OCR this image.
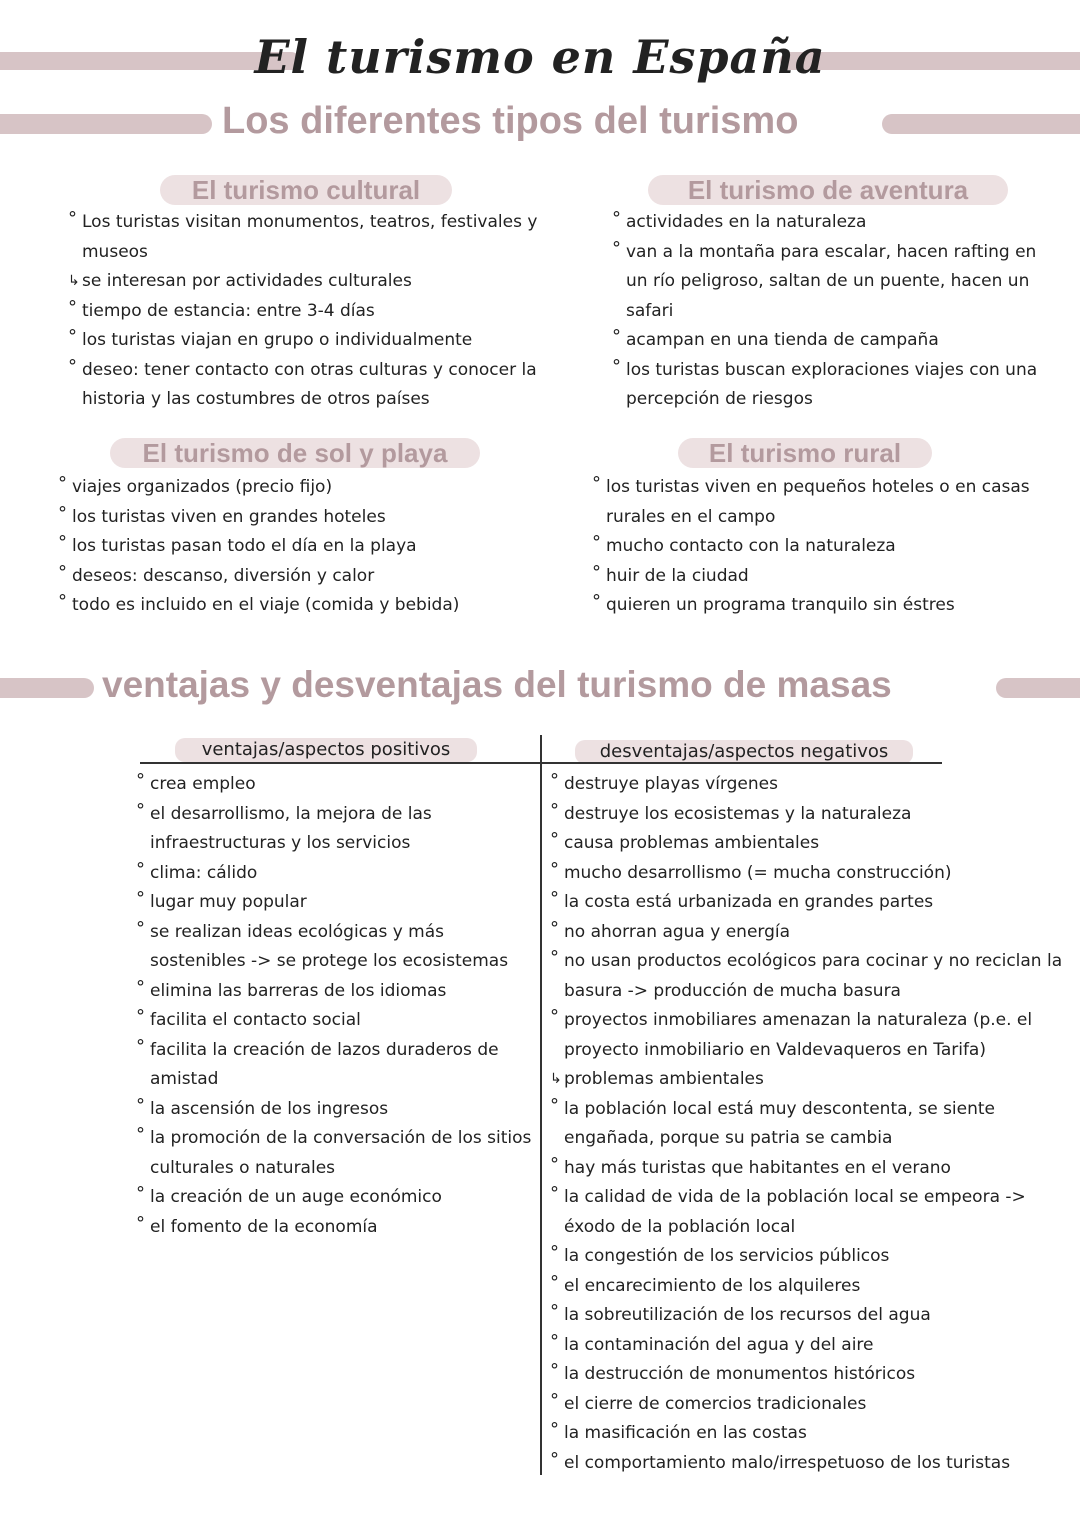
El turismo en España
Los diferentes tipos del turismo
El turismo cultural
° Los turistas visitan monumentos, teatros, festivales y museos
↳ se interesan por actividades culturales
° tiempo de estancia: entre 3-4 días
° los turistas viajan en grupo o individualmente
° deseo: tener contacto con otras culturas y conocer la historia y las costumbres de otros países
El turismo de aventura
° actividades en la naturaleza
° van a la montaña para escalar, hacen rafting en un río peligroso, saltan de un puente, hacen un safari
° acampan en una tienda de campaña
° los turistas buscan exploraciones viajes con una percepción de riesgos
El turismo de sol y playa
° viajes organizados (precio fijo)
° los turistas viven en grandes hoteles
° los turistas pasan todo el día en la playa
° deseos: descanso, diversión y calor
° todo es incluido en el viaje (comida y bebida)
El turismo rural
° los turistas viven en pequeños hoteles o en casas rurales en el campo
° mucho contacto con la naturaleza
° huir de la ciudad
° quieren un programa tranquilo sin éstres
ventajas y desventajas del turismo de masas
ventajas/aspectos positivos	desventajas/aspectos negativos
° crea empleo
° el desarrollismo, la mejora de las infraestructuras y los servicios
° clima: cálido
° lugar muy popular
° se realizan ideas ecológicas y más sostenibles -> se protege los ecosistemas
° elimina las barreras de los idiomas
° facilita el contacto social
° facilita la creación de lazos duraderos de amistad
° la ascensión de los ingresos
° la promoción de la conversación de los sitios culturales o naturales
° la creación de un auge económico
° el fomento de la economía
° destruye playas vírgenes
° destruye los ecosistemas y la naturaleza
° causa problemas ambientales
° mucho desarrollismo (= mucha construcción)
° la costa está urbanizada en grandes partes
° no ahorran agua y energía
° no usan productos ecológicos para cocinar y no reciclan la basura -> producción de mucha basura
° proyectos inmobiliares amenazan la naturaleza (p.e. el proyecto inmobiliario en Valdevaqueros en Tarifa)
↳ problemas ambientales
° la población local está muy descontenta, se siente engañada, porque su patria se cambia
° hay más turistas que habitantes en el verano
° la calidad de vida de la población local se empeora -> éxodo de la población local
° la congestión de los servicios públicos
° el encarecimiento de los alquileres
° la sobreutilización de los recursos del agua
° la contaminación del agua y del aire
° la destrucción de monumentos históricos
° el cierre de comercios tradicionales
° la masificación en las costas
° el comportamiento malo/irrespetuoso de los turistas
